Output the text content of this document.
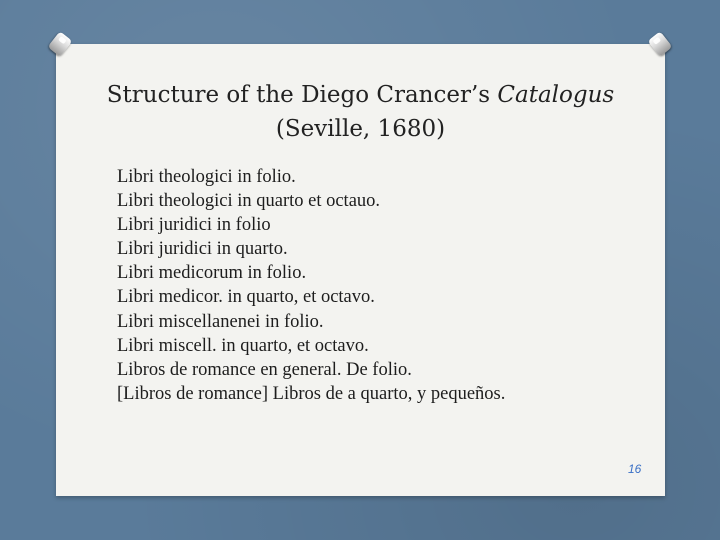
Structure of the Diego Crancer’s Catalogus
(Seville, 1680)
Libri theologici in folio.
Libri theologici in quarto et octauo.
Libri juridici in folio
Libri juridici in quarto.
Libri medicorum in folio.
Libri medicor. in quarto, et octavo.
Libri miscellanenei in folio.
Libri miscell. in quarto, et octavo.
Libros de romance en general. De folio.
[Libros de romance] Libros de a quarto, y pequeños.
16
